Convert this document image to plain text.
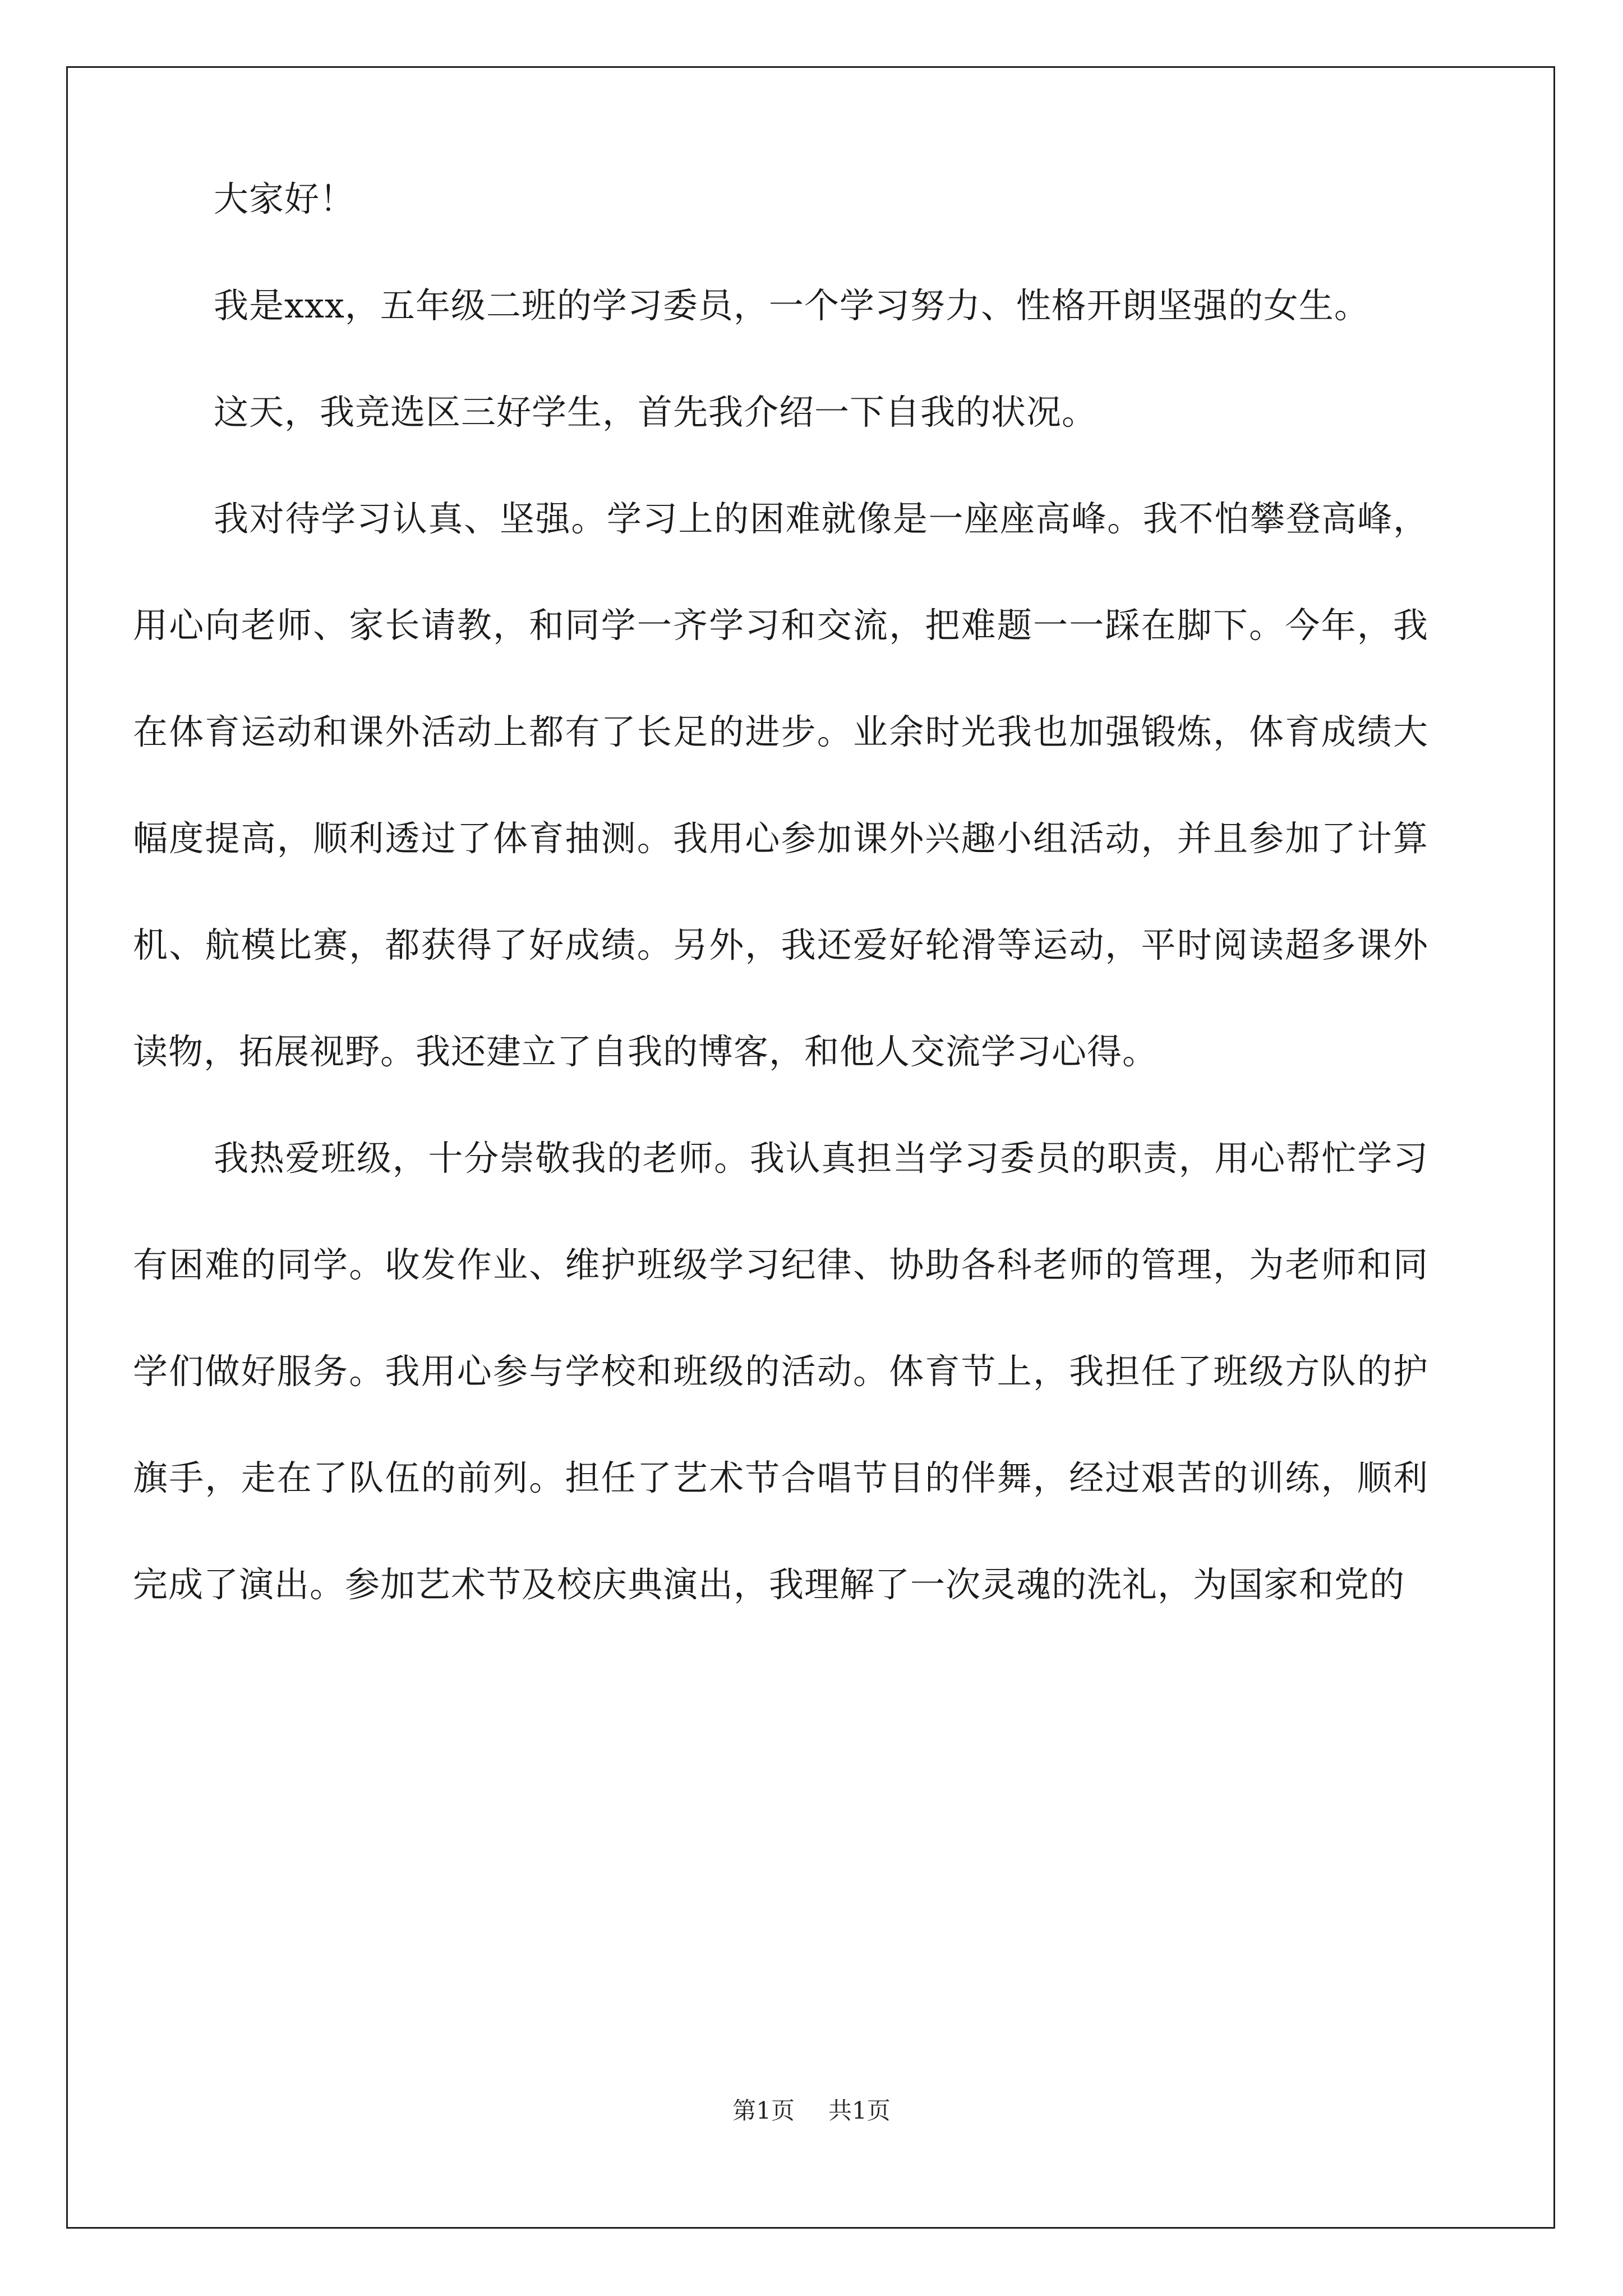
大家好！

我是xxx，五年级二班的学习委员，一个学习努力、性格开朗坚强的女生。

这天，我竞选区三好学生，首先我介绍一下自我的状况。

我对待学习认真、坚强。学习上的困难就像是一座座高峰。我不怕攀登高峰，用心向老师、家长请教，和同学一齐学习和交流，把难题一一踩在脚下。今年，我在体育运动和课外活动上都有了长足的进步。业余时光我也加强锻炼，体育成绩大幅度提高，顺利透过了体育抽测。我用心参加课外兴趣小组活动，并且参加了计算机、航模比赛，都获得了好成绩。另外，我还爱好轮滑等运动，平时阅读超多课外读物，拓展视野。我还建立了自我的博客，和他人交流学习心得。

我热爱班级，十分崇敬我的老师。我认真担当学习委员的职责，用心帮忙学习有困难的同学。收发作业、维护班级学习纪律、协助各科老师的管理，为老师和同学们做好服务。我用心参与学校和班级的活动。体育节上，我担任了班级方队的护旗手，走在了队伍的前列。担任了艺术节合唱节目的伴舞，经过艰苦的训练，顺利完成了演出。参加艺术节及校庆典演出，我理解了一次灵魂的洗礼，为国家和党的

第1页 共1页
